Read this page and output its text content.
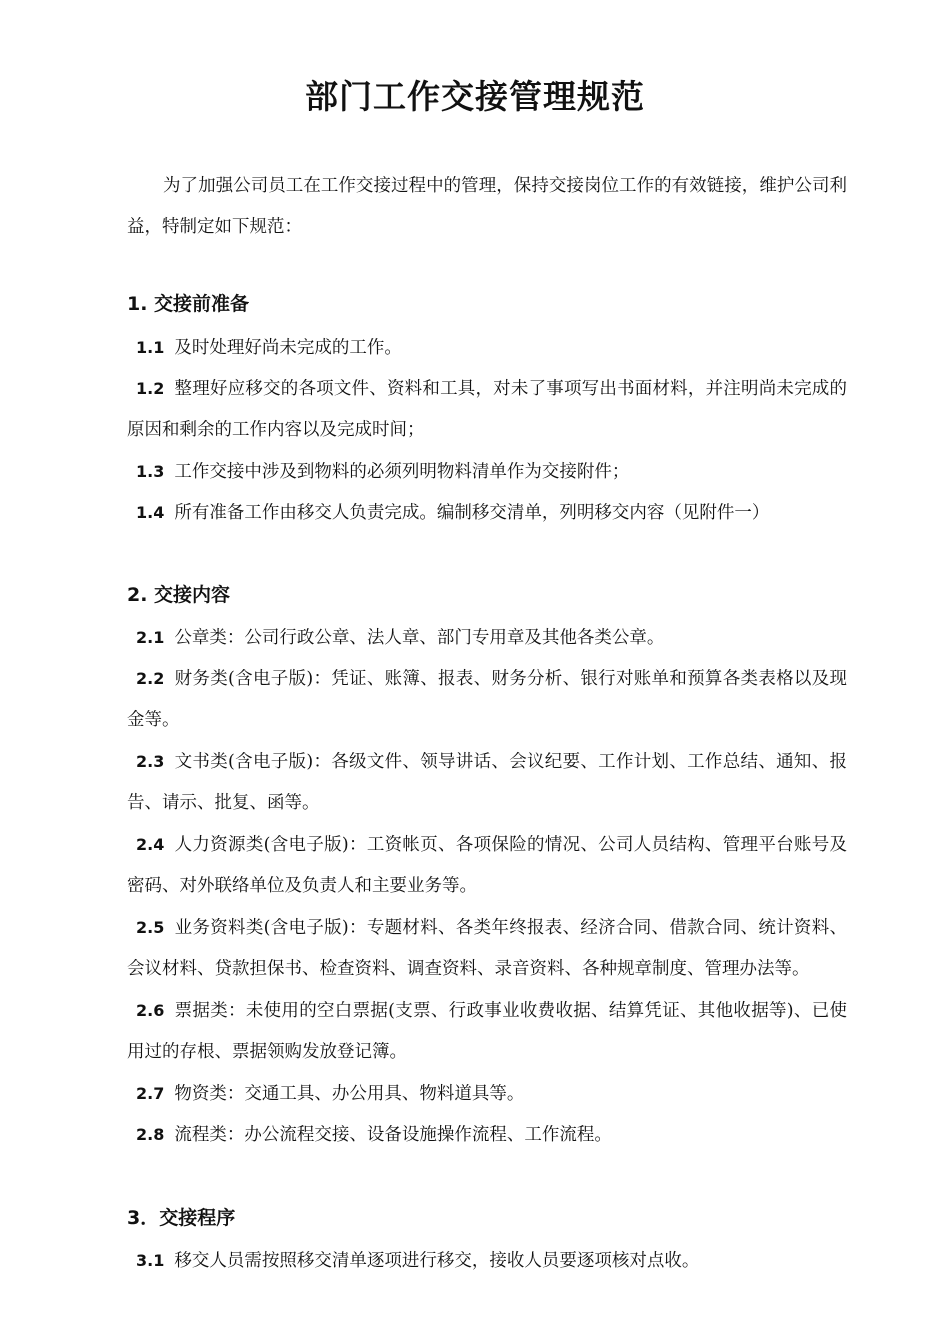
部门工作交接管理规范
为了加强公司员工在工作交接过程中的管理，保持交接岗位工作的有效链接，维护公司利益，特制定如下规范：
1. 交接前准备
1.1 及时处理好尚未完成的工作。
1.2 整理好应移交的各项文件、资料和工具，对未了事项写出书面材料，并注明尚未完成的原因和剩余的工作内容以及完成时间；
1.3 工作交接中涉及到物料的必须列明物料清单作为交接附件；
1.4 所有准备工作由移交人负责完成。编制移交清单，列明移交内容（见附件一）
2. 交接内容
2.1 公章类：公司行政公章、法人章、部门专用章及其他各类公章。
2.2 财务类(含电子版)：凭证、账簿、报表、财务分析、银行对账单和预算各类表格以及现金等。
2.3 文书类(含电子版)：各级文件、领导讲话、会议纪要、工作计划、工作总结、通知、报告、请示、批复、函等。
2.4 人力资源类(含电子版)：工资帐页、各项保险的情况、公司人员结构、管理平台账号及密码、对外联络单位及负责人和主要业务等。
2.5 业务资料类(含电子版)：专题材料、各类年终报表、经济合同、借款合同、统计资料、会议材料、贷款担保书、检查资料、调查资料、录音资料、各种规章制度、管理办法等。
2.6 票据类：未使用的空白票据(支票、行政事业收费收据、结算凭证、其他收据等)、已使用过的存根、票据领购发放登记簿。
2.7 物资类：交通工具、办公用具、物料道具等。
2.8 流程类：办公流程交接、设备设施操作流程、工作流程。
3．交接程序
3.1 移交人员需按照移交清单逐项进行移交，接收人员要逐项核对点收。
